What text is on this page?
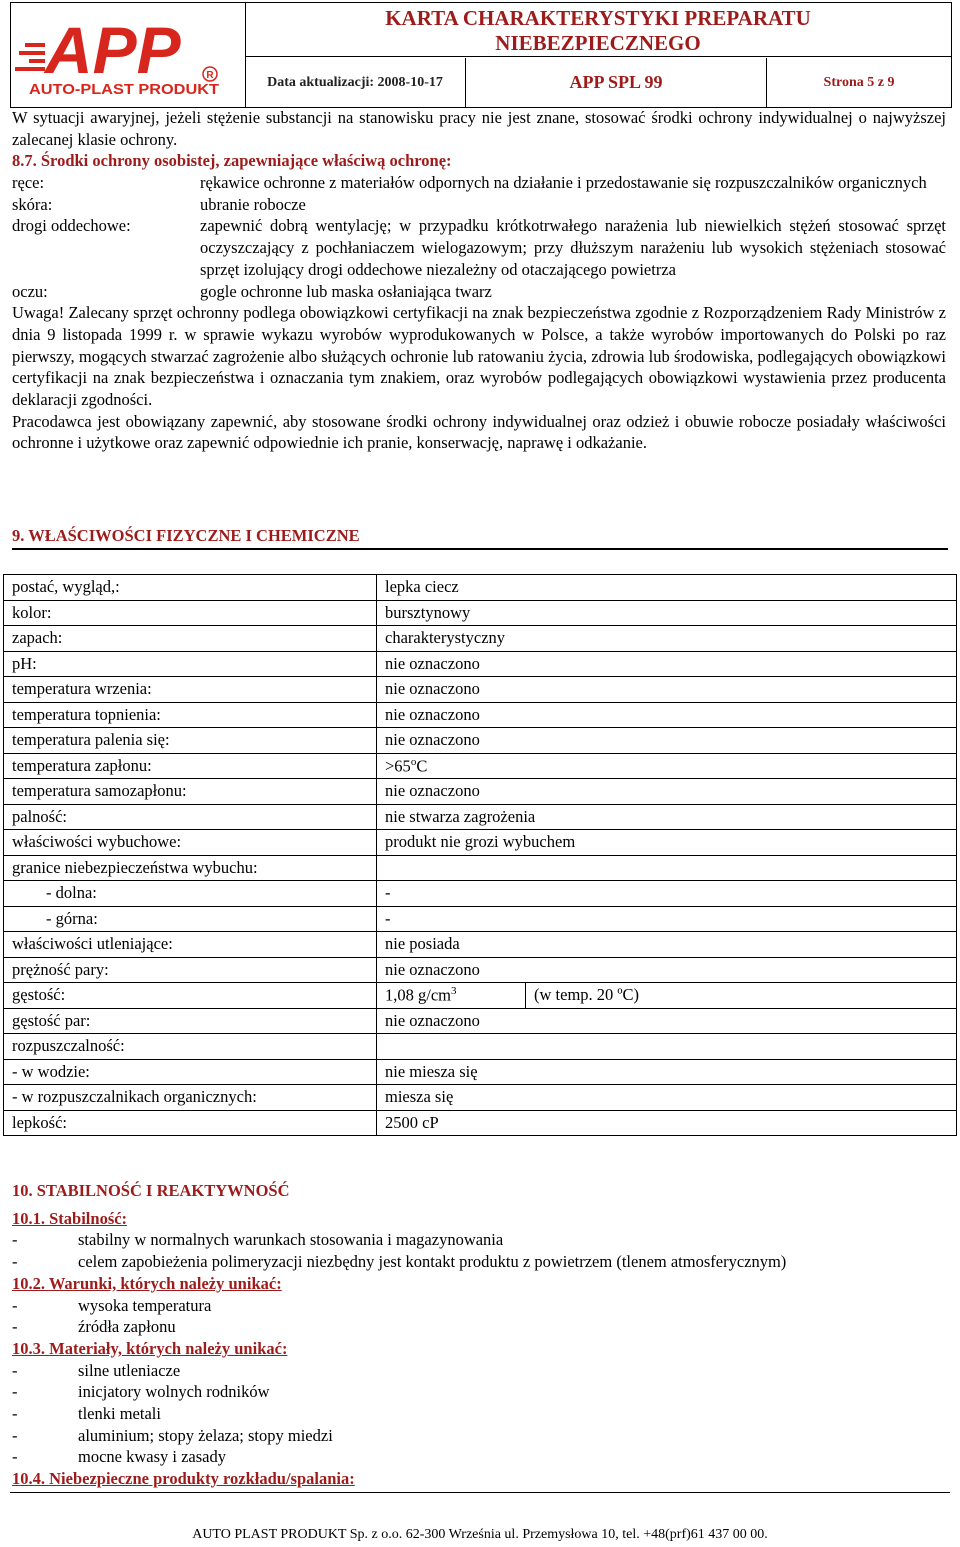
APP	R
AUTO-PLAST PRODUKT
KARTA CHARAKTERYSTYKI PREPARATU
NIEBEZPIECZNEGO
Data aktualizacji: 2008-10-17	APP SPL 99	Strona 5 z 9
W sytuacji awaryjnej, jeżeli stężenie substancji na stanowisku pracy nie jest znane, stosować środki ochrony indywidualnej o najwyższej zalecanej klasie ochrony.
8.7. Środki ochrony osobistej, zapewniające właściwą ochronę:
ręce:	rękawice ochronne z materiałów odpornych na działanie i przedostawanie się rozpuszczalników organicznych
skóra:	ubranie robocze
drogi oddechowe:	zapewnić dobrą wentylację; w przypadku krótkotrwałego narażenia lub niewielkich stężeń stosować sprzęt oczyszczający z pochłaniaczem wielogazowym; przy dłuższym narażeniu lub wysokich stężeniach stosować sprzęt izolujący drogi oddechowe niezależny od otaczającego powietrza
oczu:	gogle ochronne lub maska osłaniająca twarz
Uwaga! Zalecany sprzęt ochronny podlega obowiązkowi certyfikacji na znak bezpieczeństwa zgodnie z Rozporządzeniem Rady Ministrów z dnia 9 listopada 1999 r. w sprawie wykazu wyrobów wyprodukowanych w Polsce, a także wyrobów importowanych do Polski po raz pierwszy, mogących stwarzać zagrożenie albo służących ochronie lub ratowaniu życia, zdrowia lub środowiska, podlegających obowiązkowi certyfikacji na znak bezpieczeństwa i oznaczania tym znakiem, oraz wyrobów podlegających obowiązkowi wystawienia przez producenta deklaracji zgodności.
Pracodawca jest obowiązany zapewnić, aby stosowane środki ochrony indywidualnej oraz odzież i obuwie robocze posiadały właściwości ochronne i użytkowe oraz zapewnić odpowiednie ich pranie, konserwację, naprawę i odkażanie.
9. WŁAŚCIWOŚCI FIZYCZNE I CHEMICZNE
postać, wygląd,:	lepka ciecz	
kolor:	bursztynowy	
zapach:	charakterystyczny	
pH:	nie oznaczono	
temperatura wrzenia:	nie oznaczono	
temperatura topnienia:	nie oznaczono	
temperatura palenia się:	nie oznaczono	
temperatura zapłonu:	$>65^oC$	
temperatura samozapłonu:	nie oznaczono	
palność:	nie stwarza zagrożenia	
właściwości wybuchowe:	produkt nie grozi wybuchem	
granice niebezpieczeństwa wybuchu:		
- dolna:	-	
- górna:	-	
właściwości utleniające:	nie posiada	
prężność pary:	nie oznaczono	
gęstość:	1,08 $g/cm^3$	(w temp. 20 ºC)
gęstość par:	nie oznaczono	
rozpuszczalność:		
- w wodzie:	nie miesza się	
- w rozpuszczalnikach organicznych:	miesza się	
lepkość:	2500 cP	
10. STABILNOŚĆ I REAKTYWNOŚĆ
10.1. Stabilność:
-	stabilny w normalnych warunkach stosowania i magazynowania
-	celem zapobieżenia polimeryzacji niezbędny jest kontakt produktu z powietrzem (tlenem atmosferycznym)
10.2. Warunki, których należy unikać:
-	wysoka temperatura
-	źródła zapłonu
10.3. Materiały, których należy unikać:
-	silne utleniacze
-	inicjatory wolnych rodników
-	tlenki metali
-	aluminium; stopy żelaza; stopy miedzi
-	mocne kwasy i zasady
10.4. Niebezpieczne produkty rozkładu/spalania:
AUTO PLAST PRODUKT Sp. z o.o. 62-300 Września ul. Przemysłowa 10, tel. +48(prf)61 437 00 00.
